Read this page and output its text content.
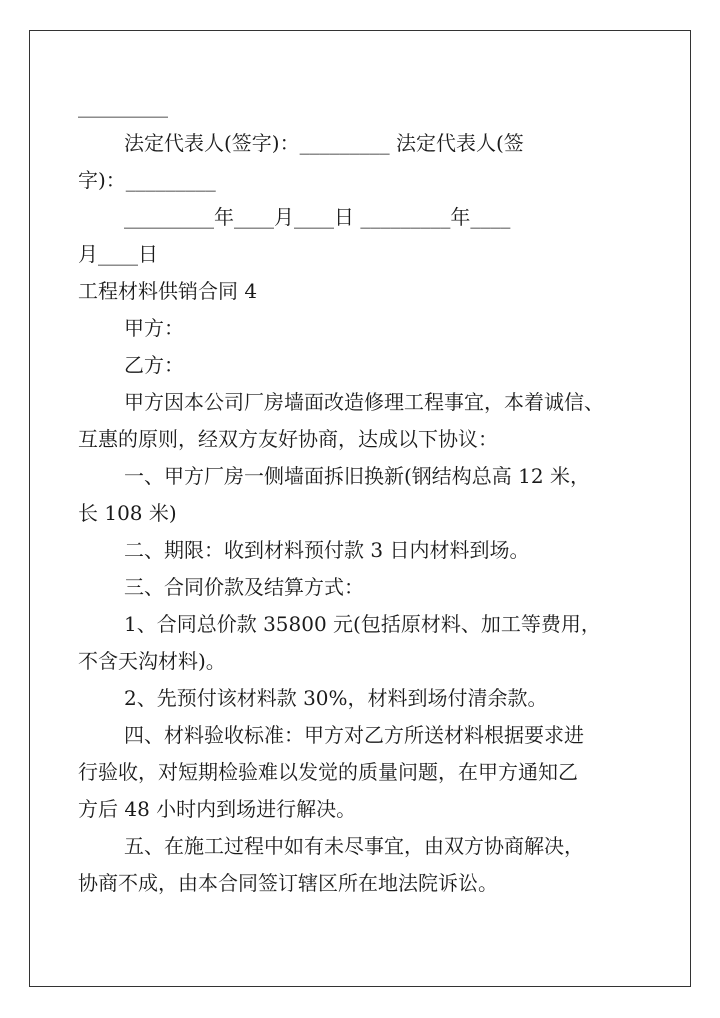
_________
法定代表人(签字)：_________ 法定代表人(签
字)：_________
_________年____月____日 _________年____
月____日
工程材料供销合同 4
甲方：
乙方：
甲方因本公司厂房墙面改造修理工程事宜，本着诚信、
互惠的原则，经双方友好协商，达成以下协议：
一、甲方厂房一侧墙面拆旧换新(钢结构总高 12 米，
长 108 米)
二、期限：收到材料预付款 3 日内材料到场。
三、合同价款及结算方式：
1、合同总价款 35800 元(包括原材料、加工等费用，
不含天沟材料)。
2、先预付该材料款 30%，材料到场付清余款。
四、材料验收标准：甲方对乙方所送材料根据要求进
行验收，对短期检验难以发觉的质量问题，在甲方通知乙
方后 48 小时内到场进行解决。
五、在施工过程中如有未尽事宜，由双方协商解决，
协商不成，由本合同签订辖区所在地法院诉讼。
